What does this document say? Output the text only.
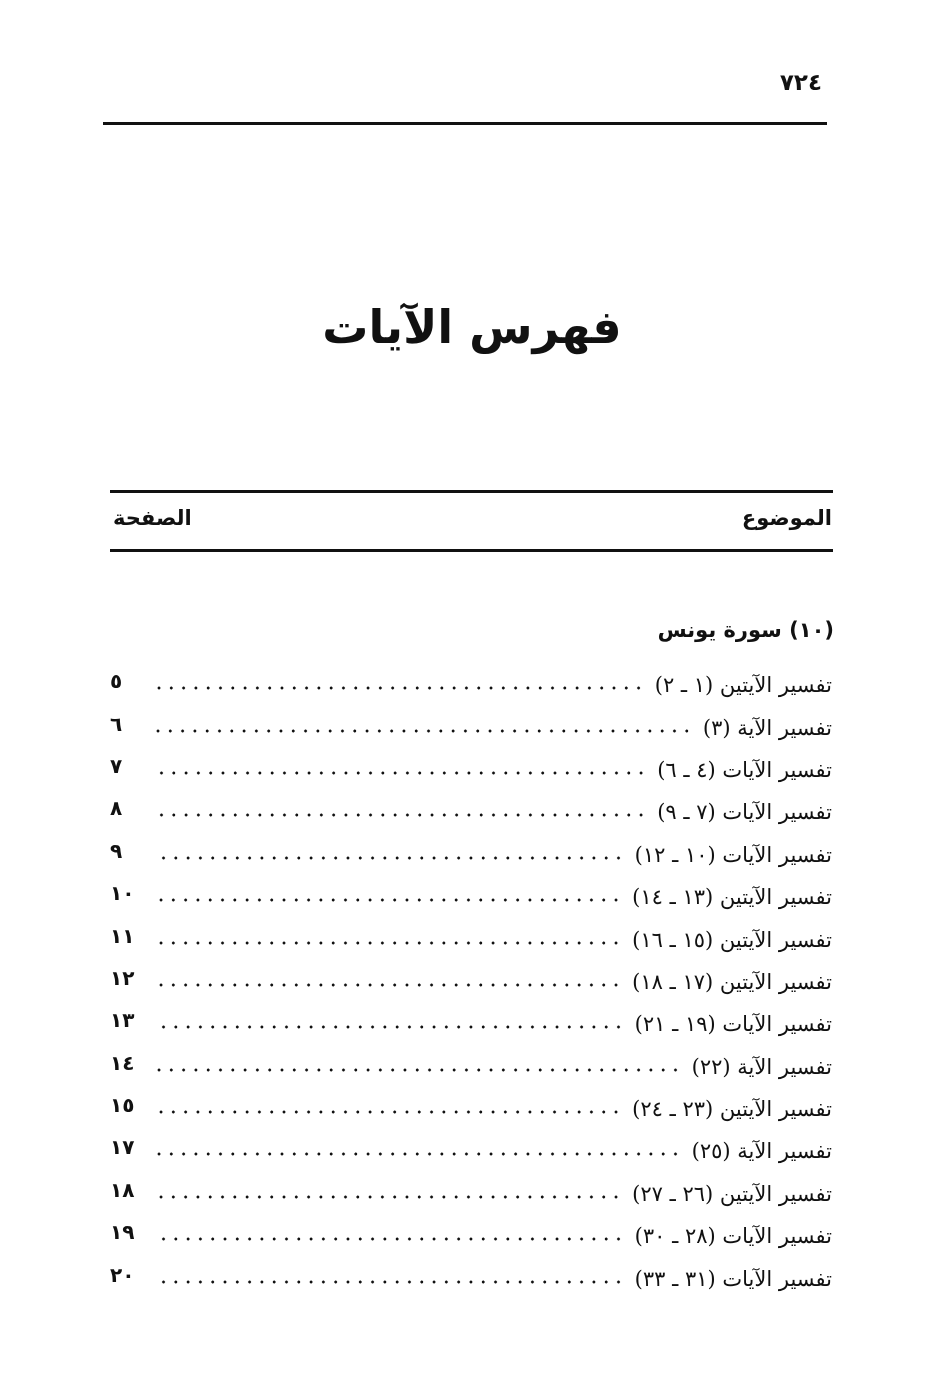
٧٢٤
فهرس الآيات
الموضوع
الصفحة
(١٠) سورة يونس
تفسير الآيتين (١ ـ ٢)
٥
تفسير الآية (٣)
٦
تفسير الآيات (٤ ـ ٦)
٧
تفسير الآيات (٧ ـ ٩)
٨
تفسير الآيات (١٠ ـ ١٢)
٩
تفسير الآيتين (١٣ ـ ١٤)
١٠
تفسير الآيتين (١٥ ـ ١٦)
١١
تفسير الآيتين (١٧ ـ ١٨)
١٢
تفسير الآيات (١٩ ـ ٢١)
١٣
تفسير الآية (٢٢)
١٤
تفسير الآيتين (٢٣ ـ ٢٤)
١٥
تفسير الآية (٢٥)
١٧
تفسير الآيتين (٢٦ ـ ٢٧)
١٨
تفسير الآيات (٢٨ ـ ٣٠)
١٩
تفسير الآيات (٣١ ـ ٣٣)
٢٠
